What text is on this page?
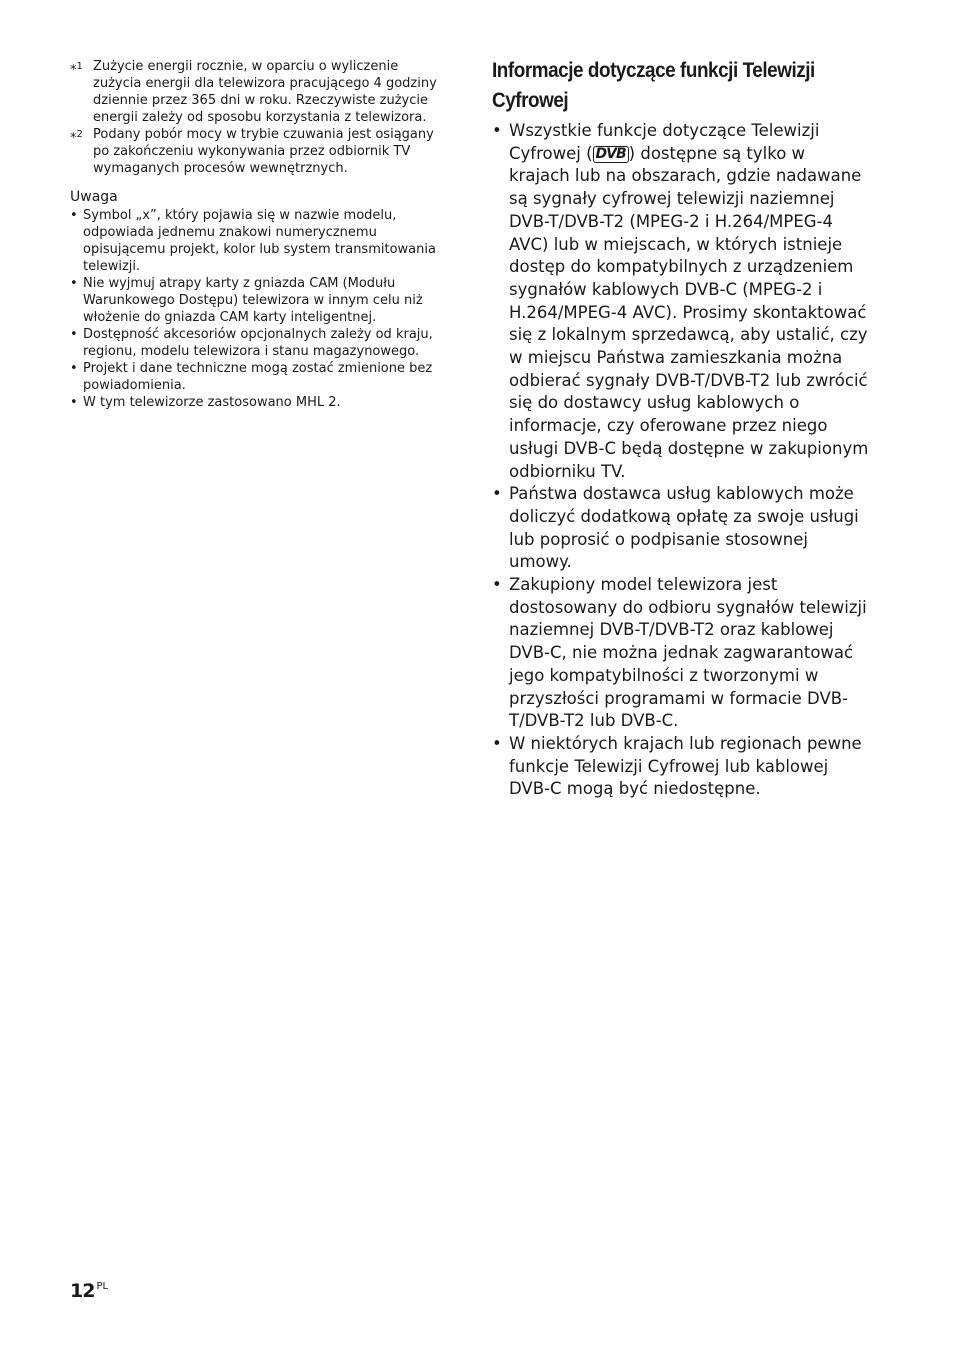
*$^1$ Zużycie energii rocznie, w oparciu o wyliczenie zużycia energii dla telewizora pracującego 4 godziny dziennie przez 365 dni w roku. Rzeczywiste zużycie energii zależy od sposobu korzystania z telewizora.
*$^2$ Podany pobór mocy w trybie czuwania jest osiągany po zakończeniu wykonywania przez odbiornik TV wymaganych procesów wewnętrznych.
Uwaga
• Symbol „x”, który pojawia się w nazwie modelu, odpowiada jednemu znakowi numerycznemu opisującemu projekt, kolor lub system transmitowania telewizji.
• Nie wyjmuj atrapy karty z gniazda CAM (Modułu Warunkowego Dostępu) telewizora w innym celu niż włożenie do gniazda CAM karty inteligentnej.
• Dostępność akcesoriów opcjonalnych zależy od kraju, regionu, modelu telewizora i stanu magazynowego.
• Projekt i dane techniczne mogą zostać zmienione bez powiadomienia.
• W tym telewizorze zastosowano MHL 2.
Informacje dotyczące funkcji Telewizji Cyfrowej
• Wszystkie funkcje dotyczące Telewizji Cyfrowej ( DVB ) dostępne są tylko w krajach lub na obszarach, gdzie nadawane są sygnały cyfrowej telewizji naziemnej DVB-T/DVB-T2 (MPEG-2 i H.264/MPEG-4 AVC) lub w miejscach, w których istnieje dostęp do kompatybilnych z urządzeniem sygnałów kablowych DVB-C (MPEG-2 i H.264/MPEG-4 AVC). Prosimy skontaktować się z lokalnym sprzedawcą, aby ustalić, czy w miejscu Państwa zamieszkania można odbierać sygnały DVB-T/DVB-T2 lub zwrócić się do dostawcy usług kablowych o informacje, czy oferowane przez niego usługi DVB-C będą dostępne w zakupionym odbiorniku TV.
• Państwa dostawca usług kablowych może doliczyć dodatkową opłatę za swoje usługi lub poprosić o podpisanie stosownej umowy.
• Zakupiony model telewizora jest dostosowany do odbioru sygnałów telewizji naziemnej DVB-T/DVB-T2 oraz kablowej DVB-C, nie można jednak zagwarantować jego kompatybilności z tworzonymi w przyszłości programami w formacie DVB-T/DVB-T2 lub DVB-C.
• W niektórych krajach lub regionach pewne funkcje Telewizji Cyfrowej lub kablowej DVB-C mogą być niedostępne.
12 $^{PL}$
